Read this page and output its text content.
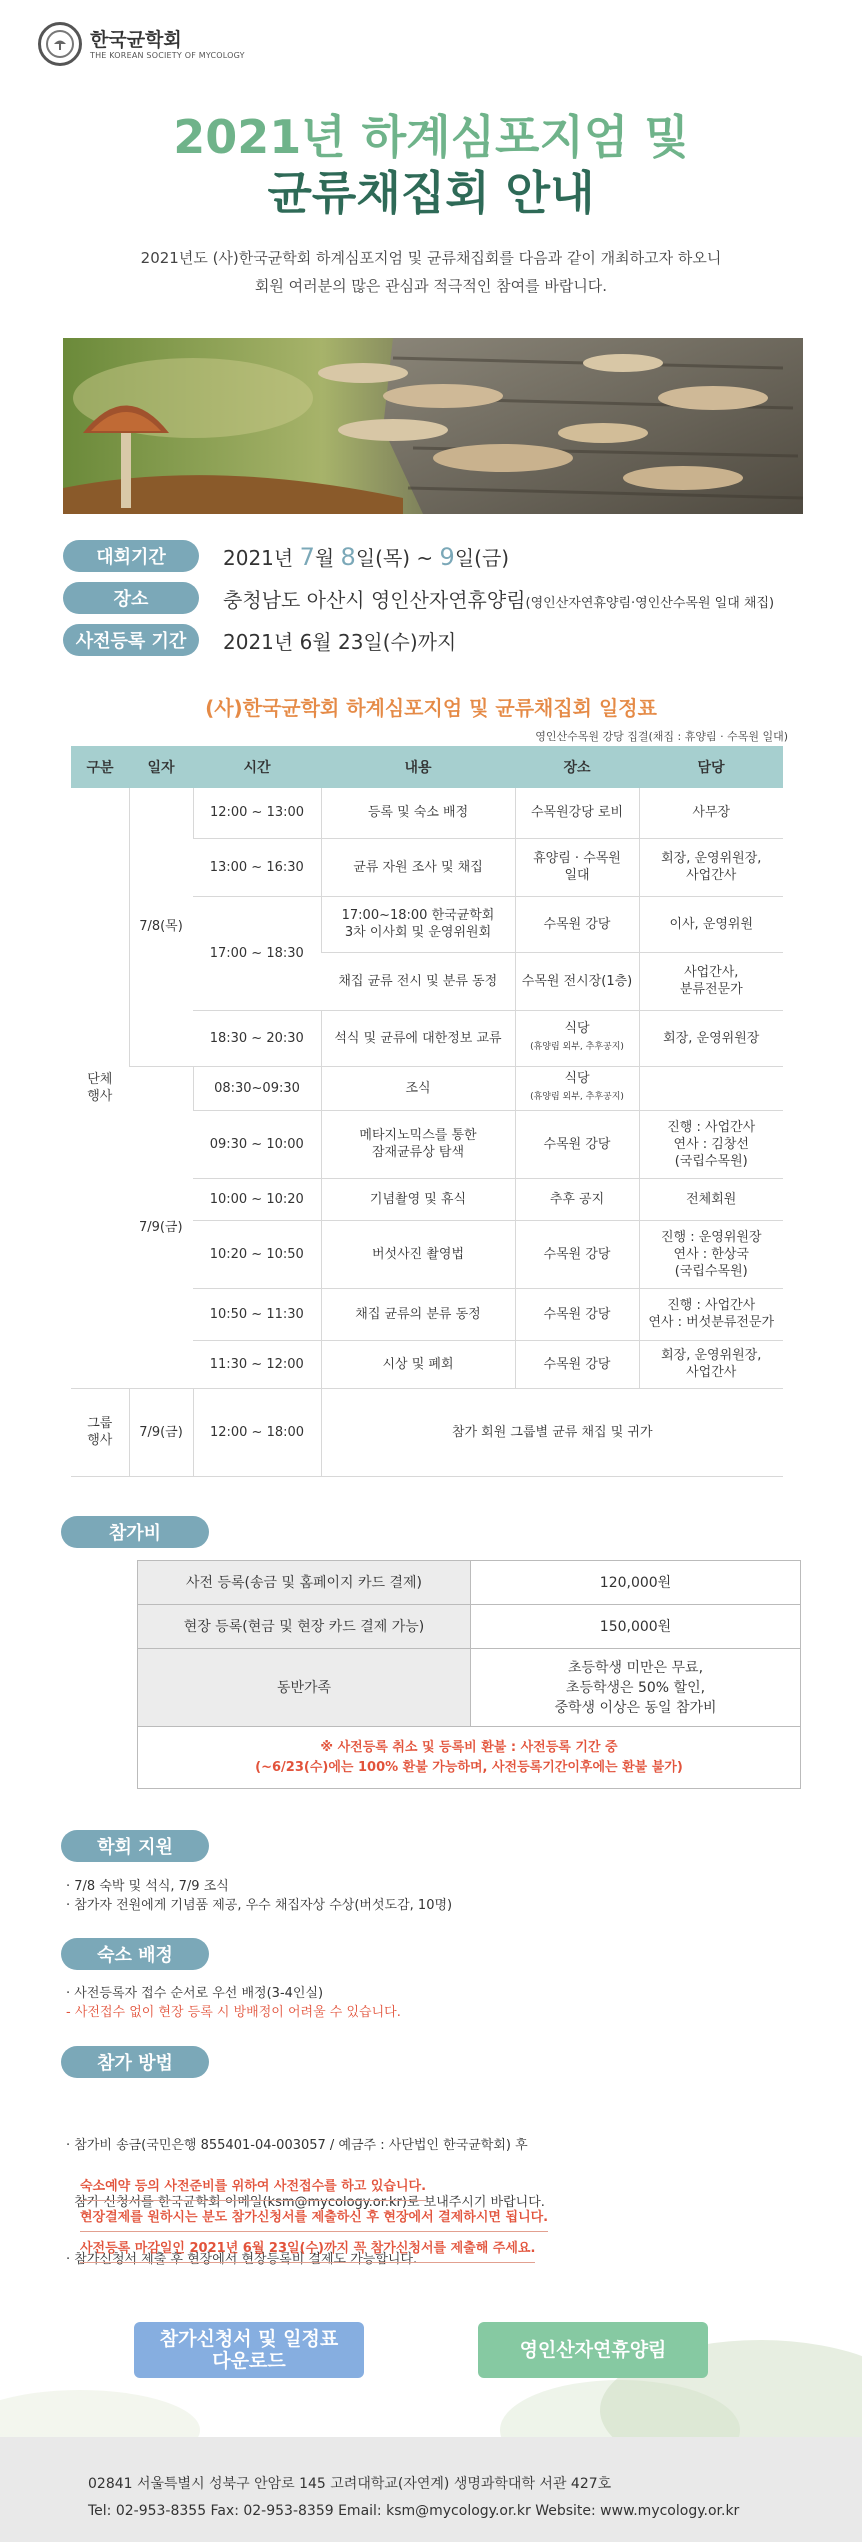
한국균학회
THE KOREAN SOCIETY OF MYCOLOGY
2021년 하계심포지엄 및
균류채집회 안내
2021년도 (사)한국균학회 하계심포지엄 및 균류채집회를 다음과 같이 개최하고자 하오니
회원 여러분의 많은 관심과 적극적인 참여를 바랍니다.
대회기간	2021년 7월 8일(목) ~ 9일(금)
장소	충청남도 아산시 영인산자연휴양림(영인산자연휴양림·영인산수목원 일대 채집)
사전등록 기간	2021년 6월 23일(수)까지
(사)한국균학회 하계심포지엄 및 균류채집회 일정표
영인산수목원 강당 집결(채집 : 휴양림 · 수목원 일대)
구분	일자	시간	내용	장소	담당
단체
행사	7/8(목)	12:00 ~ 13:00	등록 및 숙소 배정	수목원강당 로비	사무장
		13:00 ~ 16:30	균류 자원 조사 및 채집	휴양림 · 수목원
일대	회장, 운영위원장,
사업간사
		17:00 ~ 18:30	17:00~18:00 한국균학회
3차 이사회 및 운영위원회	수목원 강당	이사, 운영위원
			채집 균류 전시 및 분류 동정	수목원 전시장(1층)	사업간사,
분류전문가
		18:30 ~ 20:30	석식 및 균류에 대한정보 교류	식당
(휴양림 외부, 추후공지)	회장, 운영위원장
	7/9(금)	08:30~09:30	조식	식당
(휴양림 외부, 추후공지)	
		09:30 ~ 10:00	메타지노믹스를 통한
잠재균류상 탐색	수목원 강당	진행 : 사업간사
연사 : 김창선
(국립수목원)
		10:00 ~ 10:20	기념촬영 및 휴식	추후 공지	전체회원
		10:20 ~ 10:50	버섯사진 촬영법	수목원 강당	진행 : 운영위원장
연사 : 한상국
(국립수목원)
		10:50 ~ 11:30	채집 균류의 분류 동정	수목원 강당	진행 : 사업간사
연사 : 버섯분류전문가
		11:30 ~ 12:00	시상 및 폐회	수목원 강당	회장, 운영위원장,
사업간사
그룹
행사	7/9(금)	12:00 ~ 18:00	참가 회원 그룹별 균류 채집 및 귀가		
참가비
사전 등록(송금 및 홈페이지 카드 결제)	120,000원
현장 등록(현금 및 현장 카드 결제 가능)	150,000원
동반가족	초등학생 미만은 무료,
초등학생은 50% 할인,
중학생 이상은 동일 참가비
※ 사전등록 취소 및 등록비 환불 : 사전등록 기간 중
(~6/23(수)에는 100% 환불 가능하며, 사전등록기간이후에는 환불 불가)	
학회 지원
· 7/8 숙박 및 석식, 7/9 조식
· 참가자 전원에게 기념품 제공, 우수 채집자상 수상(버섯도감, 10명)
숙소 배정
· 사전등록자 접수 순서로 우선 배정(3-4인실)
- 사전접수 없이 현장 등록 시 방배정이 어려울 수 있습니다.
참가 방법

· 참가비 송금(국민은행 855401-04-003057 / 예금주 : 사단법인 한국균학회) 후

참가 신청서를 한국균학회 이메일(ksm@mycology.or.kr)로 보내주시기 바랍니다.

· 참가신청서 제출 후 현장에서 현장등록비 결제도 가능합니다.

숙소예약 등의 사전준비를 위하여 사전접수를 하고 있습니다.
현장결제를 원하시는 분도 참가신청서를 제출하신 후 현장에서 결제하시면 됩니다.
사전등록 마감일인 2021년 6월 23일(수)까지 꼭 참가신청서를 제출해 주세요.
참가신청서 및 일정표
다운로드	영인산자연휴양림
02841 서울특별시 성북구 안암로 145 고려대학교(자연계) 생명과학대학 서관 427호
Tel: 02-953-8355 Fax: 02-953-8359 Email: ksm@mycology.or.kr Website: www.mycology.or.kr
